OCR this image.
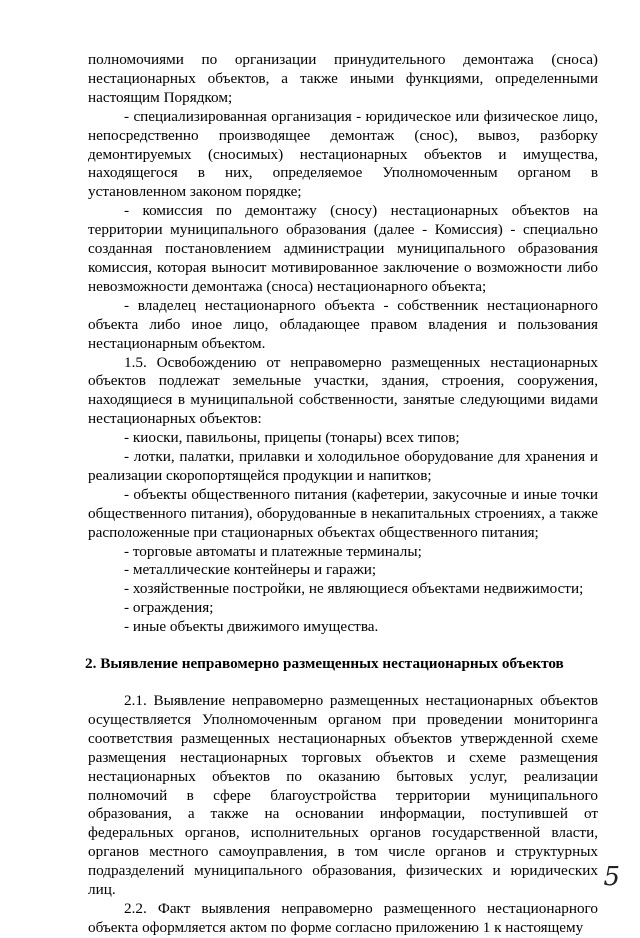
полномочиями по организации принудительного демонтажа (сноса) нестационарных объектов, а также иными функциями, определенными настоящим Порядком;

- специализированная организация - юридическое или физическое лицо, непосредственно производящее демонтаж (снос), вывоз, разборку демонтируемых (сносимых) нестационарных объектов и имущества, находящегося в них, определяемое Уполномоченным органом в установленном законом порядке;

- комиссия по демонтажу (сносу) нестационарных объектов на территории муниципального образования (далее - Комиссия) - специально созданная постановлением администрации муниципального образования комиссия, которая выносит мотивированное заключение о возможности либо невозможности демонтажа (сноса) нестационарного объекта;

- владелец нестационарного объекта - собственник нестационарного объекта либо иное лицо, обладающее правом владения и пользования нестационарным объектом.

1.5. Освобождению от неправомерно размещенных нестационарных объектов подлежат земельные участки, здания, строения, сооружения, находящиеся в муниципальной собственности, занятые следующими видами нестационарных объектов:

- киоски, павильоны, прицепы (тонары) всех типов;

- лотки, палатки, прилавки и холодильное оборудование для хранения и реализации скоропортящейся продукции и напитков;

- объекты общественного питания (кафетерии, закусочные и иные точки общественного питания), оборудованные в некапитальных строениях, а также расположенные при стационарных объектах общественного питания;

- торговые автоматы и платежные терминалы;

- металлические контейнеры и гаражи;

- хозяйственные постройки, не являющиеся объектами недвижимости;

- ограждения;

- иные объекты движимого имущества.

2. Выявление неправомерно размещенных нестационарных объектов

2.1. Выявление неправомерно размещенных нестационарных объектов осуществляется Уполномоченным органом при проведении мониторинга соответствия размещенных нестационарных объектов утвержденной схеме размещения нестационарных торговых объектов и схеме размещения нестационарных объектов по оказанию бытовых услуг, реализации полномочий в сфере благоустройства территории муниципального образования, а также на основании информации, поступившей от федеральных органов, исполнительных органов государственной власти, органов местного самоуправления, в том числе органов и структурных подразделений муниципального образования, физических и юридических лиц.

2.2. Факт выявления неправомерно размещенного нестационарного объекта оформляется актом по форме согласно приложению 1 к настоящему

5
